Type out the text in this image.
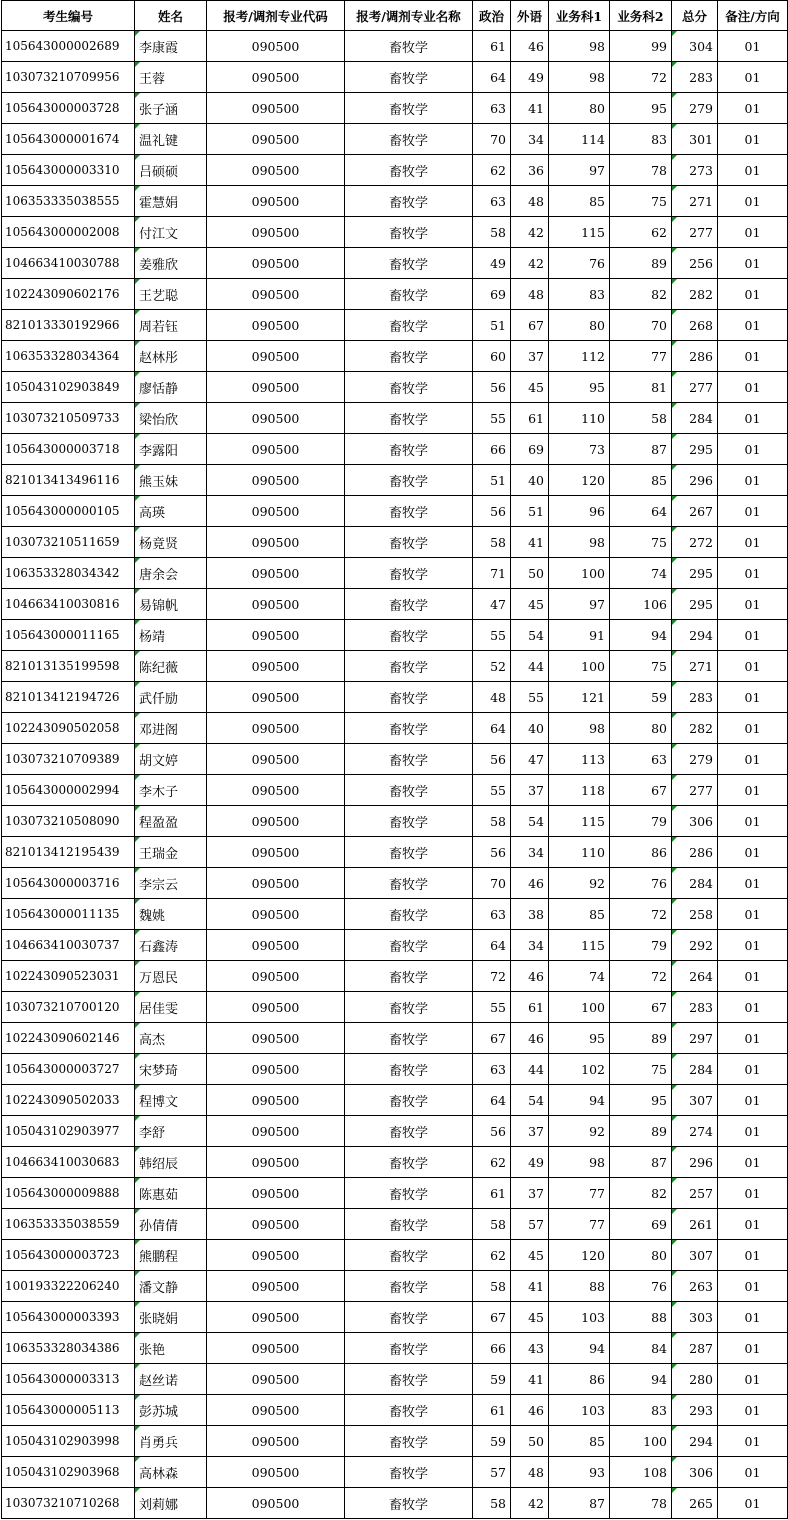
考生编号	姓名	报考/调剂专业代码	报考/调剂专业名称	政治	外语	业务科1	业务科2	总分	备注/方向
105643000002689	李康霞	090500	畜牧学	61	46	98	99	304	01
103073210709956	王蓉	090500	畜牧学	64	49	98	72	283	01
105643000003728	张子涵	090500	畜牧学	63	41	80	95	279	01
105643000001674	温礼键	090500	畜牧学	70	34	114	83	301	01
105643000003310	吕硕硕	090500	畜牧学	62	36	97	78	273	01
106353335038555	霍慧娟	090500	畜牧学	63	48	85	75	271	01
105643000002008	付江文	090500	畜牧学	58	42	115	62	277	01
104663410030788	姜雅欣	090500	畜牧学	49	42	76	89	256	01
102243090602176	王艺聪	090500	畜牧学	69	48	83	82	282	01
821013330192966	周若钰	090500	畜牧学	51	67	80	70	268	01
106353328034364	赵林彤	090500	畜牧学	60	37	112	77	286	01
105043102903849	廖恬静	090500	畜牧学	56	45	95	81	277	01
103073210509733	梁怡欣	090500	畜牧学	55	61	110	58	284	01
105643000003718	李露阳	090500	畜牧学	66	69	73	87	295	01
821013413496116	熊玉妹	090500	畜牧学	51	40	120	85	296	01
105643000000105	高瑛	090500	畜牧学	56	51	96	64	267	01
103073210511659	杨竟贤	090500	畜牧学	58	41	98	75	272	01
106353328034342	唐余会	090500	畜牧学	71	50	100	74	295	01
104663410030816	易锦帆	090500	畜牧学	47	45	97	106	295	01
105643000011165	杨靖	090500	畜牧学	55	54	91	94	294	01
821013135199598	陈纪薇	090500	畜牧学	52	44	100	75	271	01
821013412194726	武仟励	090500	畜牧学	48	55	121	59	283	01
102243090502058	邓进阁	090500	畜牧学	64	40	98	80	282	01
103073210709389	胡文婷	090500	畜牧学	56	47	113	63	279	01
105643000002994	李木子	090500	畜牧学	55	37	118	67	277	01
103073210508090	程盈盈	090500	畜牧学	58	54	115	79	306	01
821013412195439	王瑞金	090500	畜牧学	56	34	110	86	286	01
105643000003716	李宗云	090500	畜牧学	70	46	92	76	284	01
105643000011135	魏姚	090500	畜牧学	63	38	85	72	258	01
104663410030737	石鑫涛	090500	畜牧学	64	34	115	79	292	01
102243090523031	万恩民	090500	畜牧学	72	46	74	72	264	01
103073210700120	居佳雯	090500	畜牧学	55	61	100	67	283	01
102243090602146	高杰	090500	畜牧学	67	46	95	89	297	01
105643000003727	宋梦琦	090500	畜牧学	63	44	102	75	284	01
102243090502033	程博文	090500	畜牧学	64	54	94	95	307	01
105043102903977	李舒	090500	畜牧学	56	37	92	89	274	01
104663410030683	韩绍辰	090500	畜牧学	62	49	98	87	296	01
105643000009888	陈惠茹	090500	畜牧学	61	37	77	82	257	01
106353335038559	孙倩倩	090500	畜牧学	58	57	77	69	261	01
105643000003723	熊鹏程	090500	畜牧学	62	45	120	80	307	01
100193322206240	潘文静	090500	畜牧学	58	41	88	76	263	01
105643000003393	张晓娟	090500	畜牧学	67	45	103	88	303	01
106353328034386	张艳	090500	畜牧学	66	43	94	84	287	01
105643000003313	赵丝诺	090500	畜牧学	59	41	86	94	280	01
105643000005113	彭苏城	090500	畜牧学	61	46	103	83	293	01
105043102903998	肖勇兵	090500	畜牧学	59	50	85	100	294	01
105043102903968	高林森	090500	畜牧学	57	48	93	108	306	01
103073210710268	刘莉娜	090500	畜牧学	58	42	87	78	265	01
